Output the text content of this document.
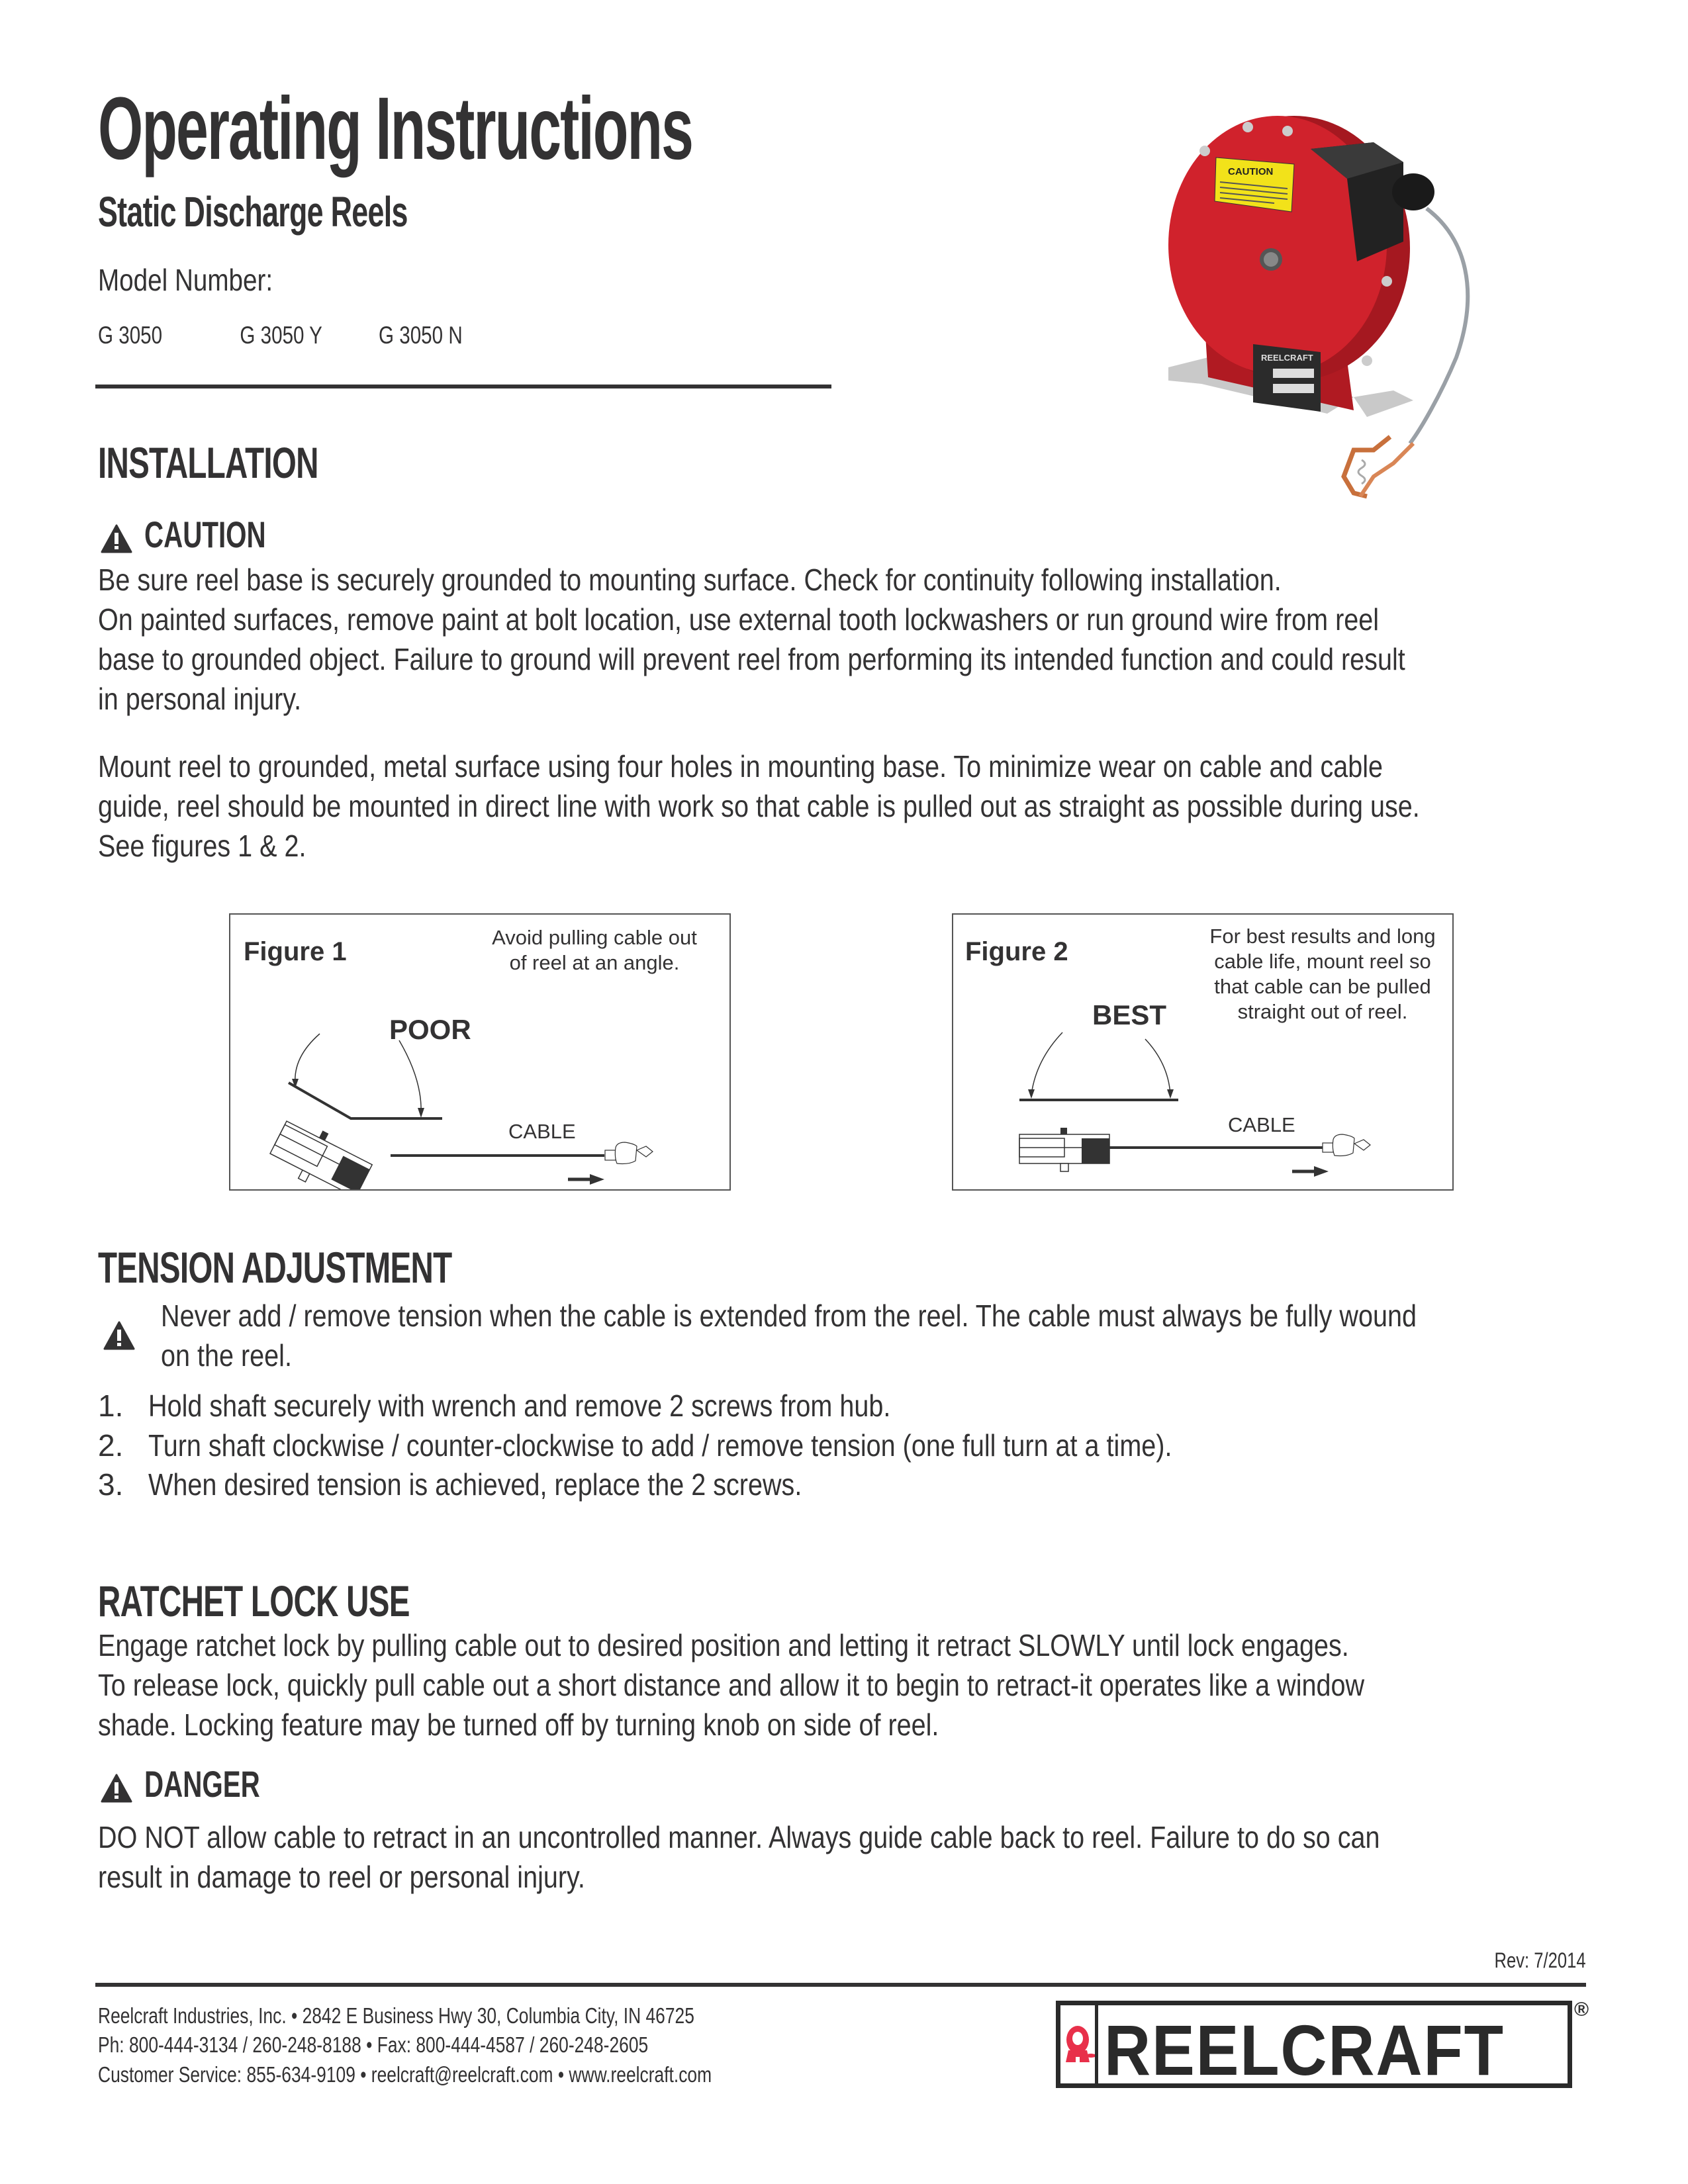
Operating Instructions
Static Discharge Reels
Model Number:
G 3050	G 3050 Y G 3050 N
CAUTION
REELCRAFT
INSTALLATION
CAUTION
Be sure reel base is securely grounded to mounting surface. Check for continuity following installation.
On painted surfaces, remove paint at bolt location, use external tooth lockwashers or run ground wire from reel
base to grounded object. Failure to ground will prevent reel from performing its intended function and could result
in personal injury.
Mount reel to grounded, metal surface using four holes in mounting base. To minimize wear on cable and cable
guide, reel should be mounted in direct line with work so that cable is pulled out as straight as possible during use.
See figures 1 & 2.
Figure 1	Avoid pulling cable out
of reel at an angle.
POOR
CABLE
Figure 2
For best results and long
cable life, mount reel so
that cable can be pulled
straight out of reel.
BEST
CABLE
TENSION ADJUSTMENT
Never add / remove tension when the cable is extended from the reel. The cable must always be fully wound
on the reel.
1. Hold shaft securely with wrench and remove 2 screws from hub.
2. Turn shaft clockwise / counter-clockwise to add / remove tension (one full turn at a time).
3. When desired tension is achieved, replace the 2 screws.
RATCHET LOCK USE
Engage ratchet lock by pulling cable out to desired position and letting it retract SLOWLY until lock engages.
To release lock, quickly pull cable out a short distance and allow it to begin to retract-it operates like a window
shade. Locking feature may be turned off by turning knob on side of reel.
DANGER
DO NOT allow cable to retract in an uncontrolled manner. Always guide cable back to reel. Failure to do so can
result in damage to reel or personal injury.
Rev: 7/2014
Reelcraft Industries, Inc. • 2842 E Business Hwy 30, Columbia City, IN 46725
Ph: 800-444-3134 / 260-248-8188 • Fax: 800-444-4587 / 260-248-2605
Customer Service: 855-634-9109 • reelcraft@reelcraft.com • www.reelcraft.com	REELCRAFT
®
